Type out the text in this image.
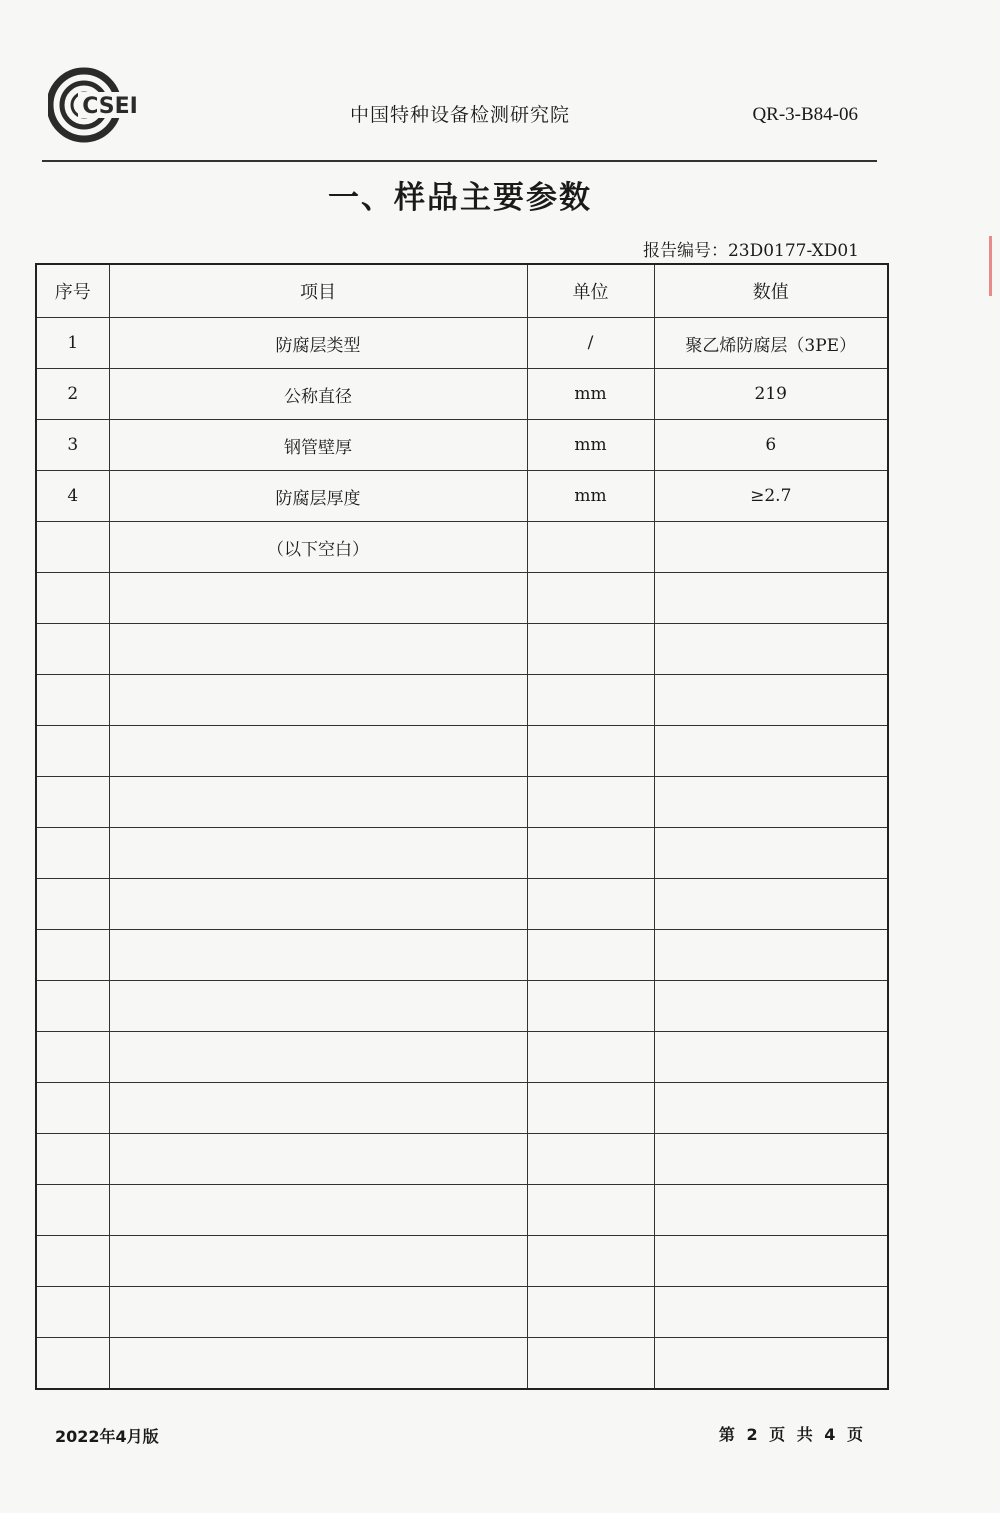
CSEI	中国特种设备检测研究院	QR-3-B84-06
一、样品主要参数
报告编号：23D0177-XD01
序号	项目	单位	数值
1	防腐层类型	/	聚乙烯防腐层（3PE）
2	公称直径	mm	219
3	钢管壁厚	mm	6
4	防腐层厚度	mm	≥2.7
	（以下空白）		

2022年4月版	第 2 页 共 4 页
